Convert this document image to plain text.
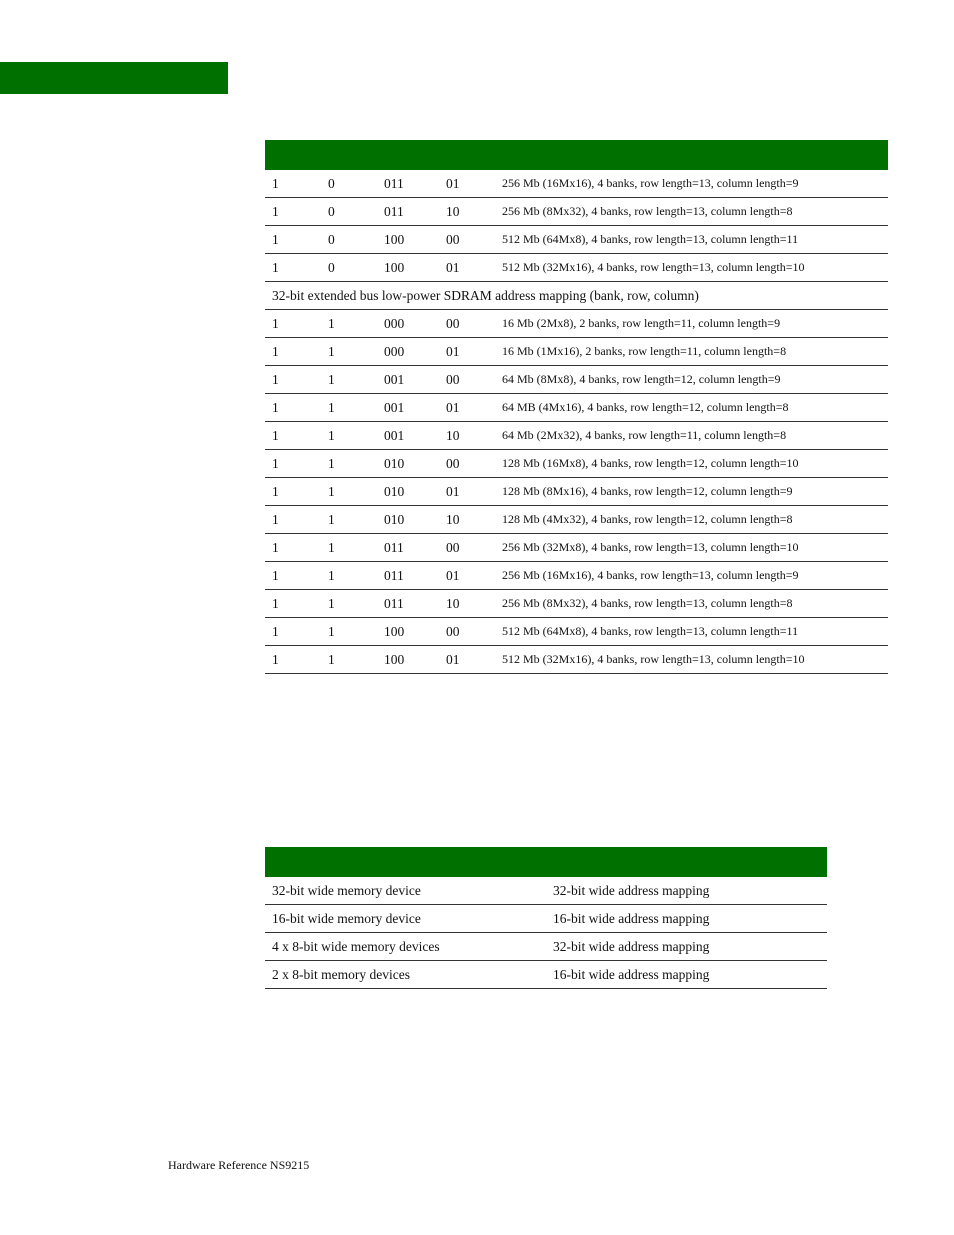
1	0	011	01	256 Mb (16Mx16), 4 banks, row length=13, column length=9
1	0	011	10	256 Mb (8Mx32), 4 banks, row length=13, column length=8
1	0	100	00	512 Mb (64Mx8), 4 banks, row length=13, column length=11
1	0	100	01	512 Mb (32Mx16), 4 banks, row length=13, column length=10
32-bit extended bus low-power SDRAM address mapping (bank, row, column)				
1	1	000	00	16 Mb (2Mx8), 2 banks, row length=11, column length=9
1	1	000	01	16 Mb (1Mx16), 2 banks, row length=11, column length=8
1	1	001	00	64 Mb (8Mx8), 4 banks, row length=12, column length=9
1	1	001	01	64 MB (4Mx16), 4 banks, row length=12, column length=8
1	1	001	10	64 Mb (2Mx32), 4 banks, row length=11, column length=8
1	1	010	00	128 Mb (16Mx8), 4 banks, row length=12, column length=10
1	1	010	01	128 Mb (8Mx16), 4 banks, row length=12, column length=9
1	1	010	10	128 Mb (4Mx32), 4 banks, row length=12, column length=8
1	1	011	00	256 Mb (32Mx8), 4 banks, row length=13, column length=10
1	1	011	01	256 Mb (16Mx16), 4 banks, row length=13, column length=9
1	1	011	10	256 Mb (8Mx32), 4 banks, row length=13, column length=8
1	1	100	00	512 Mb (64Mx8), 4 banks, row length=13, column length=11
1	1	100	01	512 Mb (32Mx16), 4 banks, row length=13, column length=10

32-bit wide memory device	32-bit wide address mapping
16-bit wide memory device	16-bit wide address mapping
4 x 8-bit wide memory devices	32-bit wide address mapping
2 x 8-bit memory devices	16-bit wide address mapping
Hardware Reference NS9215
